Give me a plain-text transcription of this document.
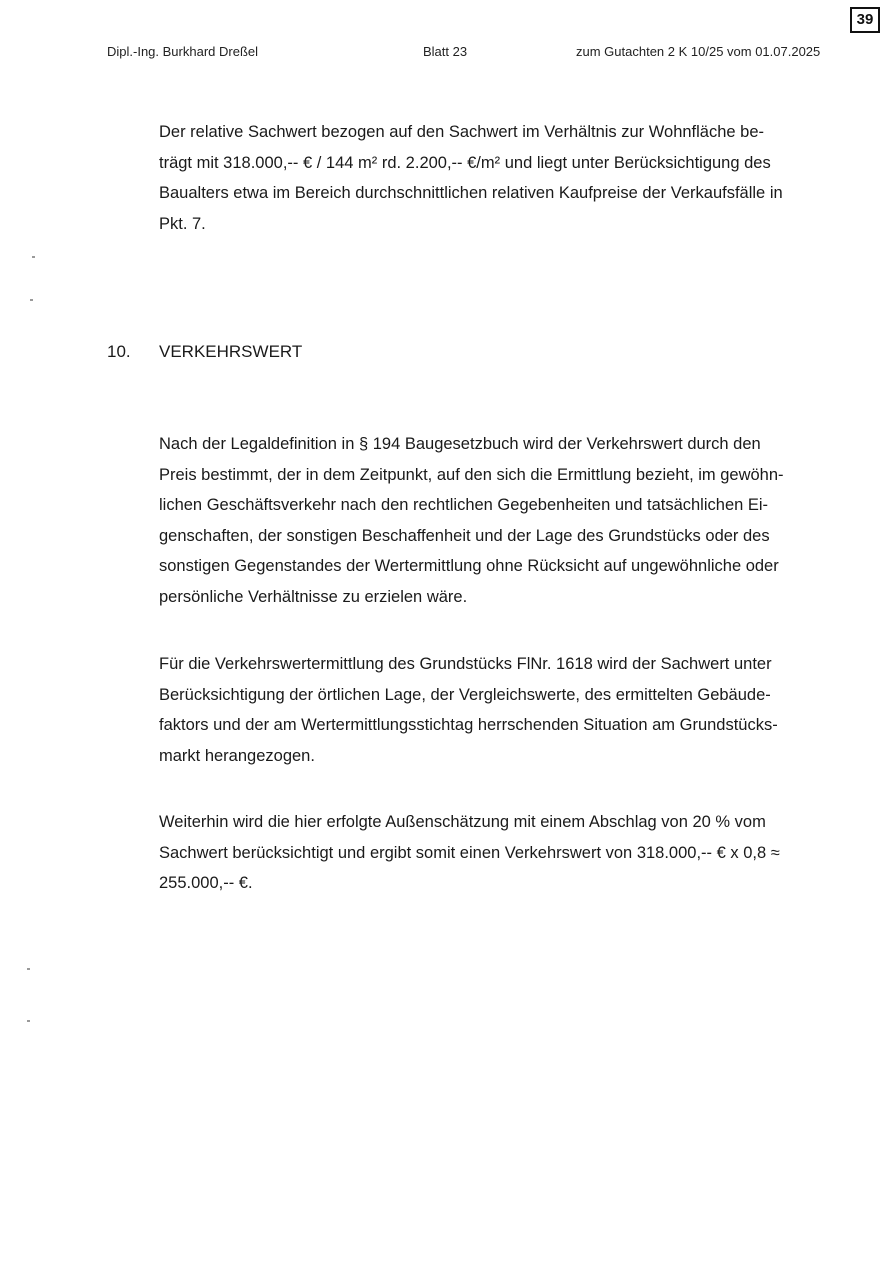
39
Dipl.-Ing. Burkhard Dreßel	Blatt 23	zum Gutachten 2 K 10/25 vom 01.07.2025
Der relative Sachwert bezogen auf den Sachwert im Verhältnis zur Wohnfläche be-
trägt mit 318.000,-- € / 144 m² rd. 2.200,-- €/m² und liegt unter Berücksichtigung des
Baualters etwa im Bereich durchschnittlichen relativen Kaufpreise der Verkaufsfälle in
Pkt. 7.
10. VERKEHRSWERT
Nach der Legaldefinition in § 194 Baugesetzbuch wird der Verkehrswert durch den
Preis bestimmt, der in dem Zeitpunkt, auf den sich die Ermittlung bezieht, im gewöhn-
lichen Geschäftsverkehr nach den rechtlichen Gegebenheiten und tatsächlichen Ei-
genschaften, der sonstigen Beschaffenheit und der Lage des Grundstücks oder des
sonstigen Gegenstandes der Wertermittlung ohne Rücksicht auf ungewöhnliche oder
persönliche Verhältnisse zu erzielen wäre.
Für die Verkehrswertermittlung des Grundstücks FlNr. 1618 wird der Sachwert unter
Berücksichtigung der örtlichen Lage, der Vergleichswerte, des ermittelten Gebäude-
faktors und der am Wertermittlungsstichtag herrschenden Situation am Grundstücks-
markt herangezogen.
Weiterhin wird die hier erfolgte Außenschätzung mit einem Abschlag von 20 % vom
Sachwert berücksichtigt und ergibt somit einen Verkehrswert von 318.000,-- € x 0,8 ≈
255.000,-- €.
